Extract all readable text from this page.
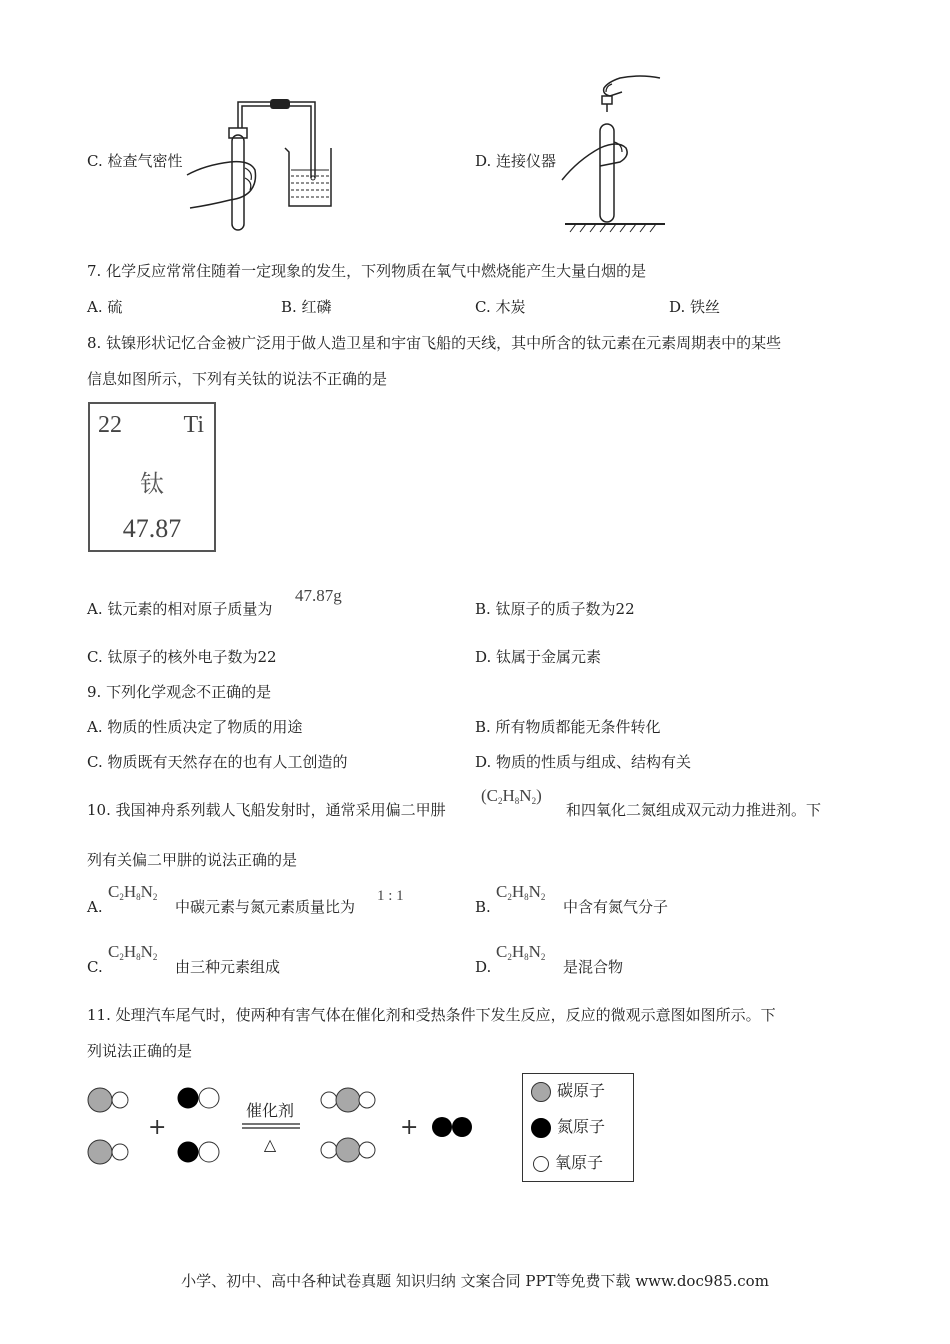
C. 检查气密性	D. 连接仪器
7. 化学反应常常住随着一定现象的发生，下列物质在氧气中燃烧能产生大量白烟的是
A. 硫	B. 红磷	C. 木炭	D. 铁丝
8. 钛镍形状记忆合金被广泛用于做人造卫星和宇宙飞船的天线，其中所含的钛元素在元素周期表中的某些
信息如图所示，下列有关钛的说法不正确的是
22	Ti
钛
47.87
A. 钛元素的相对原子质量为
47.87g
B. 钛原子的质子数为22
C. 钛原子的核外电子数为22	D. 钛属于金属元素
9. 下列化学观念不正确的是
A. 物质的性质决定了物质的用途	B. 所有物质都能无条件转化
C. 物质既有天然存在的也有人工创造的	D. 物质的性质与组成、结构有关
10. 我国神舟系列载人飞船发射时，通常采用偏二甲肼
$(C_2H_8N_2)$
和四氧化二氮组成双元动力推进剂。下
列有关偏二甲肼的说法正确的是
A.
$C_2H_8N_2$
中碳元素与氮元素质量比为
1 : 1
B.
$C_2H_8N_2$
中含有氮气分子
C.
$C_2H_8N_2$
由三种元素组成	D.
$C_2H_8N_2$
是混合物
11. 处理汽车尾气时，使两种有害气体在催化剂和受热条件下发生反应，反应的微观示意图如图所示。下
列说法正确的是
+
催化剂
△
+
碳原子
氮原子
氧原子
小学、初中、高中各种试卷真题 知识归纳 文案合同 PPT等免费下载 www.doc985.com
